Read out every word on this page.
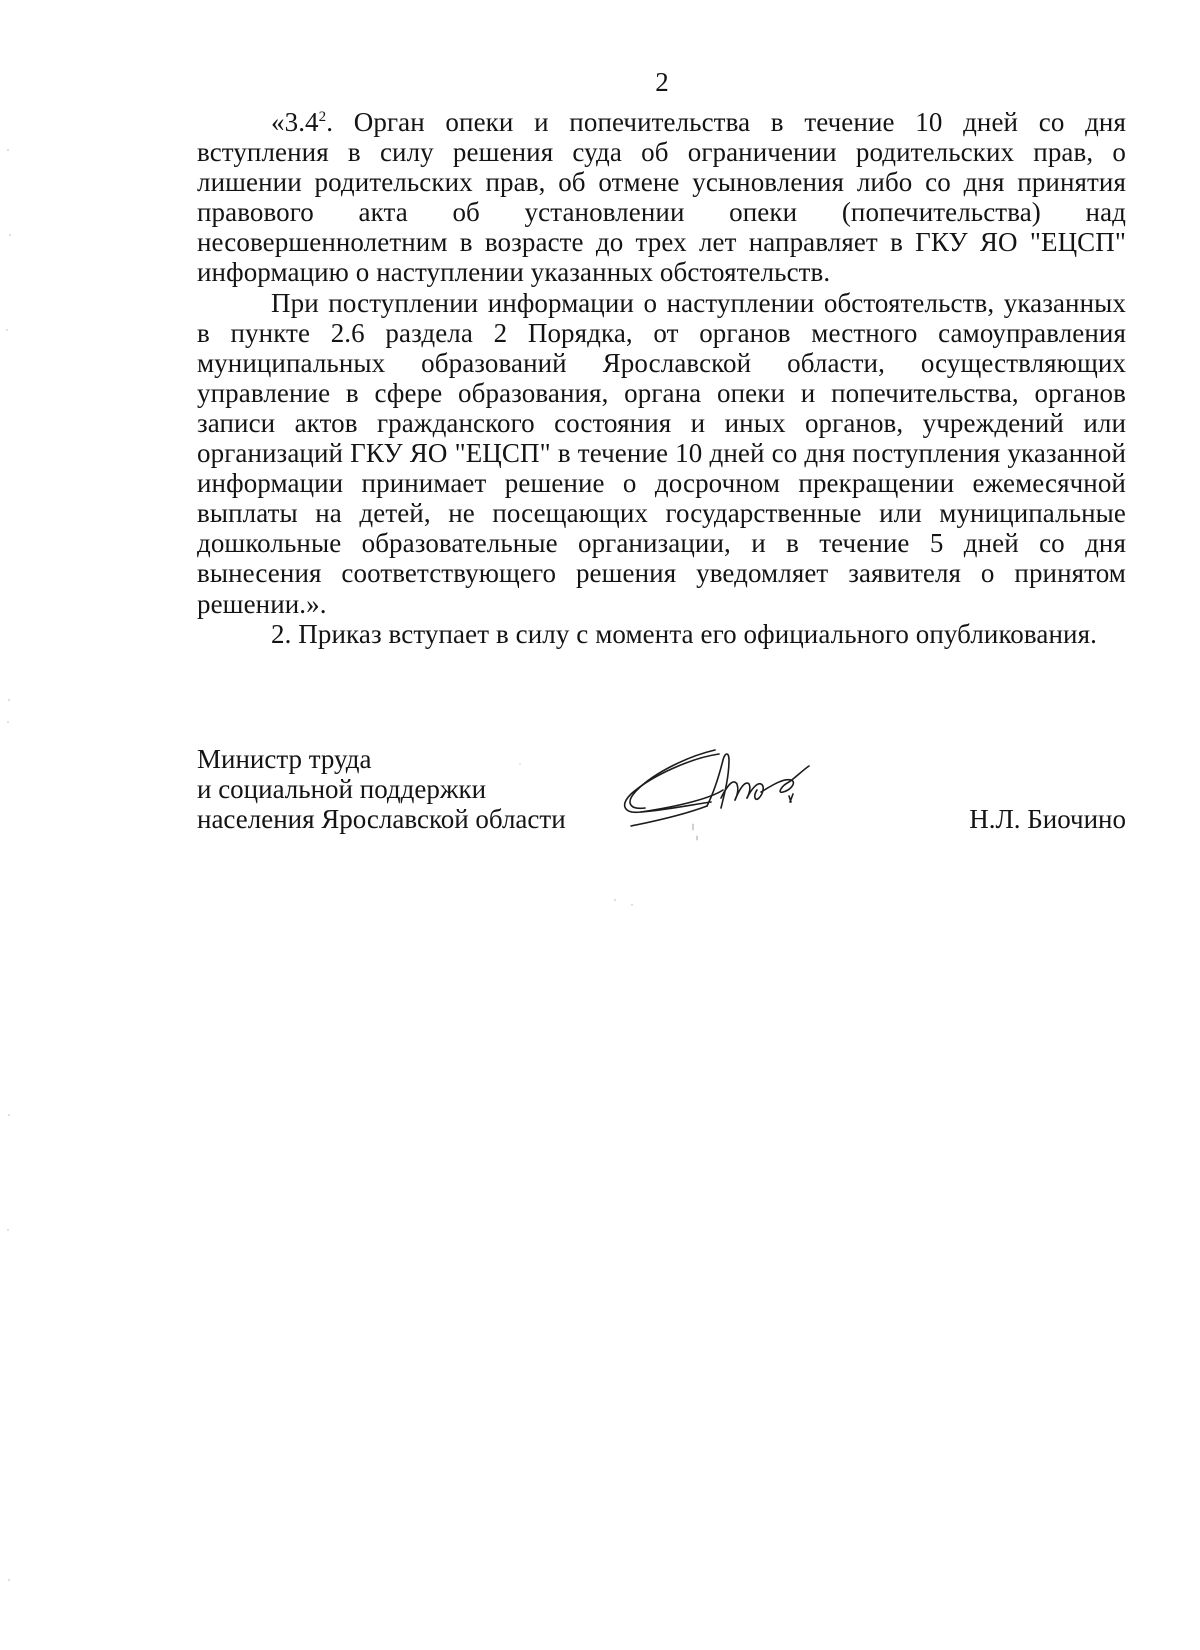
2

«$3.4^2$. Орган опеки и попечительства в течение 10 дней со дня вступления в силу решения суда об ограничении родительских прав, о лишении родительских прав, об отмене усыновления либо со дня принятия правового акта об установлении опеки (попечительства) над несовершеннолетним в возрасте до трех лет направляет в ГКУ ЯО "ЕЦСП" информацию о наступлении указанных обстоятельств.

При поступлении информации о наступлении обстоятельств, указанных в пункте 2.6 раздела 2 Порядка, от органов местного самоуправления муниципальных образований Ярославской области, осуществляющих управление в сфере образования, органа опеки и попечительства, органов записи актов гражданского состояния и иных органов, учреждений или организаций ГКУ ЯО "ЕЦСП" в течение 10 дней со дня поступления указанной информации принимает решение о досрочном прекращении ежемесячной выплаты на детей, не посещающих государственные или муниципальные дошкольные образовательные организации, и в течение 5 дней со дня вынесения соответствующего решения уведомляет заявителя о принятом решении.».

2. Приказ вступает в силу с момента его официального опубликования.

Министр труда
и социальной поддержки
населения Ярославской области	Н.Л. Биочино
